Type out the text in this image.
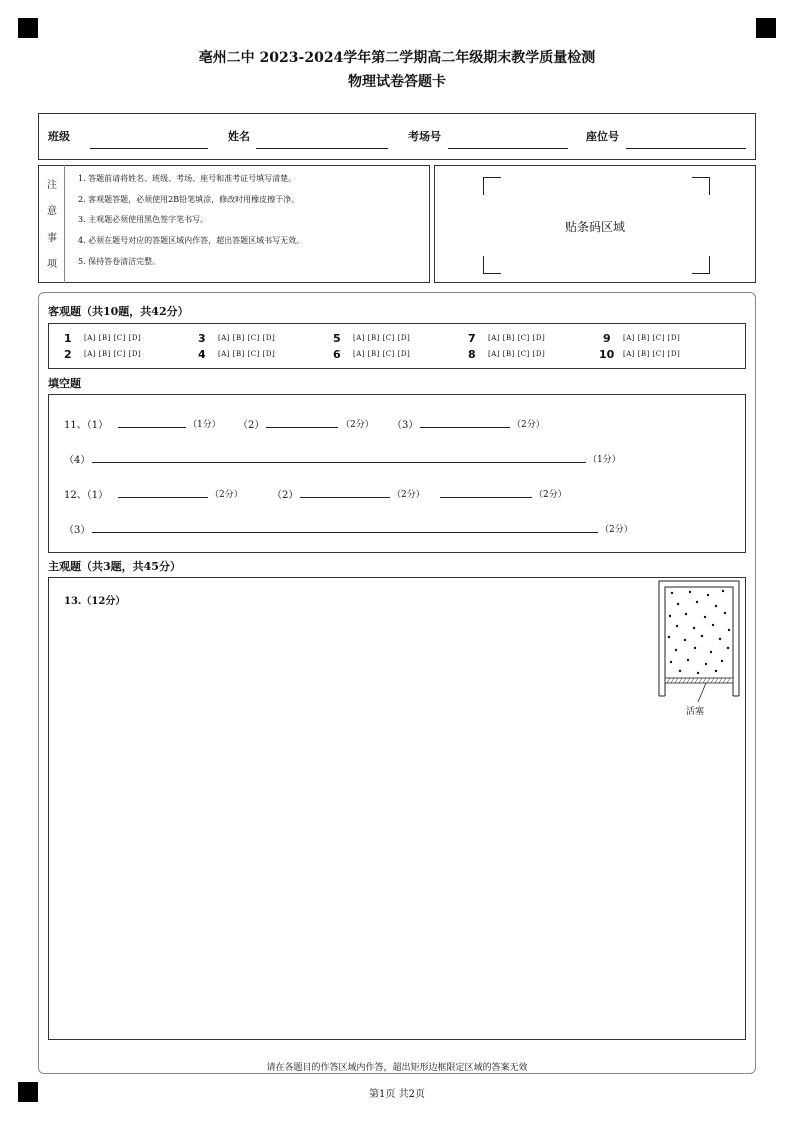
亳州二中 2023-2024学年第二学期高二年级期末教学质量检测
物理试卷答题卡
班级	姓名	考场号	座位号
注
意
事
项
1. 答题前请将姓名、班级、考场、座号和准考证号填写清楚。
2. 客观题答题，必须使用2B铅笔填涂，修改时用橡皮擦干净。
3. 主观题必须使用黑色签字笔书写。
4. 必须在题号对应的答题区域内作答，超出答题区域书写无效。
5. 保持答卷清洁完整。
贴条码区域
客观题（共10题，共42分）
1 [A] [B] [C] [D]	3 [A] [B] [C] [D]	5 [A] [B] [C] [D]	7 [A] [B] [C] [D]	9 [A] [B] [C] [D]
2 [A] [B] [C] [D]	4 [A] [B] [C] [D]	6 [A] [B] [C] [D]	8 [A] [B] [C] [D]	10 [A] [B] [C] [D]
填空题
11、（1）	（1分） （2）	（2分） （3）	（2分）
（4）	（1分）
12、（1）	（2分）	（2）	（2分）	（2分）
（3）	（2分）
主观题（共3题，共45分）
13.（12分）
活塞
请在各题目的作答区域内作答，超出矩形边框限定区域的答案无效
第1页 共2页
